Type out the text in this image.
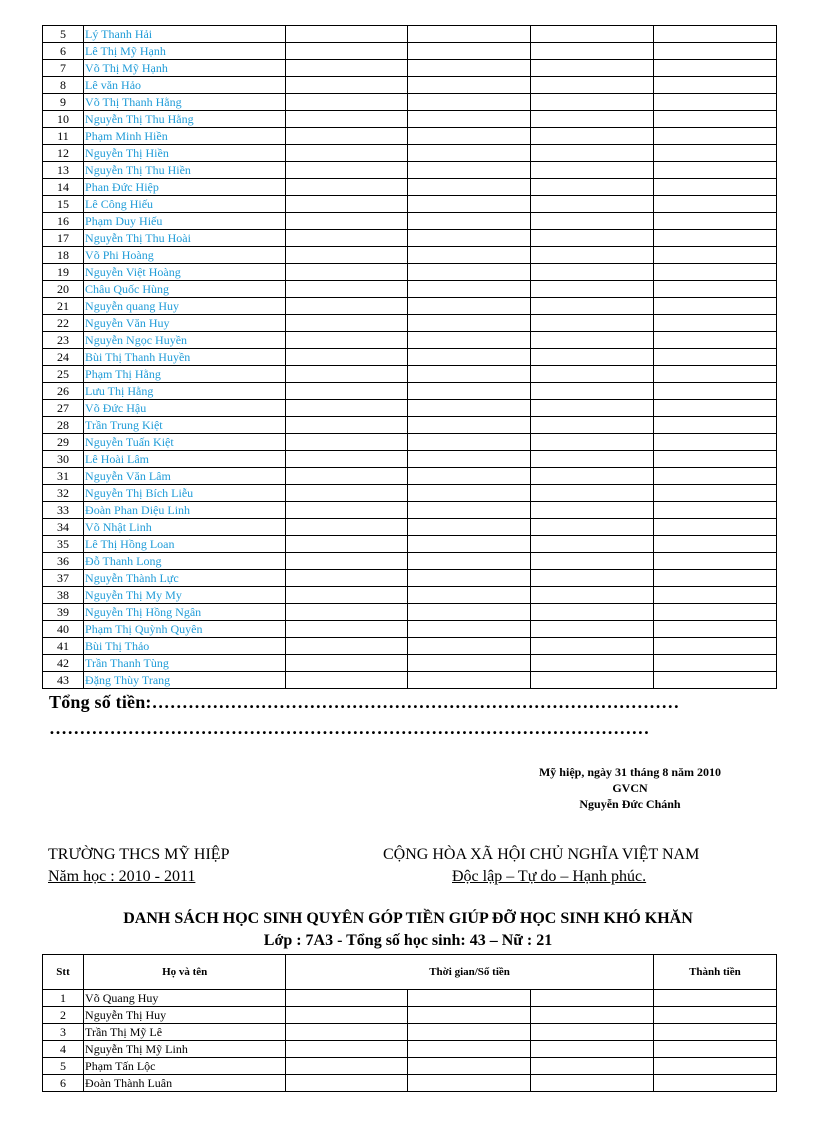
5	Lý Thanh Hải				
6	Lê Thị Mỹ Hạnh				
7	Võ Thị Mỹ Hạnh				
8	Lê văn Hảo				
9	Võ Thị Thanh Hằng				
10	Nguyễn Thị Thu Hằng				
11	Phạm Minh Hiền				
12	Nguyễn Thị Hiền				
13	Nguyễn Thị Thu Hiền				
14	Phan Đức Hiệp				
15	Lê Công Hiếu				
16	Phạm Duy Hiếu				
17	Nguyễn Thị Thu Hoài				
18	Võ Phi Hoàng				
19	Nguyễn Việt Hoàng				
20	Châu Quốc Hùng				
21	Nguyễn quang Huy				
22	Nguyễn Văn Huy				
23	Nguyễn Ngọc Huyền				
24	Bùi Thị Thanh Huyền				
25	Phạm Thị Hằng				
26	Lưu Thị Hằng				
27	Võ Đức Hậu				
28	Trần Trung Kiệt				
29	Nguyễn Tuấn Kiệt				
30	Lê Hoài Lâm				
31	Nguyễn Văn Lâm				
32	Nguyễn Thị Bích Liễu				
33	Đoàn Phan Diệu Linh				
34	Võ Nhật Linh				
35	Lê Thị Hồng Loan				
36	Đỗ Thanh Long				
37	Nguyễn Thành Lực				
38	Nguyễn Thị My My				
39	Nguyễn Thị Hồng Ngân				
40	Phạm Thị Quỳnh Quyên				
41	Bùi Thị Thảo				
42	Trần Thanh Tùng				
43	Đặng Thùy Trang				
Tổng số tiền:……………………………………………………………………………
………………………………………………………………………………………
Mỹ hiệp, ngày 31 tháng 8 năm 2010
GVCN
Nguyễn Đức Chánh
TRƯỜNG THCS MỸ HIỆP
Năm học : 2010 - 2011
CỘNG HÒA XÃ HỘI CHỦ NGHĨA VIỆT NAM
Độc lập – Tự do – Hạnh phúc.
DANH SÁCH HỌC SINH QUYÊN GÓP TIỀN GIÚP ĐỠ HỌC SINH KHÓ KHĂN
Lớp : 7A3 - Tổng số học sinh: 43 – Nữ : 21
Stt	Họ và tên	Thời gian/Số tiền			Thành tiền
1	Võ Quang Huy				
2	Nguyễn Thị Huy				
3	Trần Thị Mỹ Lê				
4	Nguyễn Thị Mỹ Linh				
5	Phạm Tấn Lộc				
6	Đoàn Thành Luân				
